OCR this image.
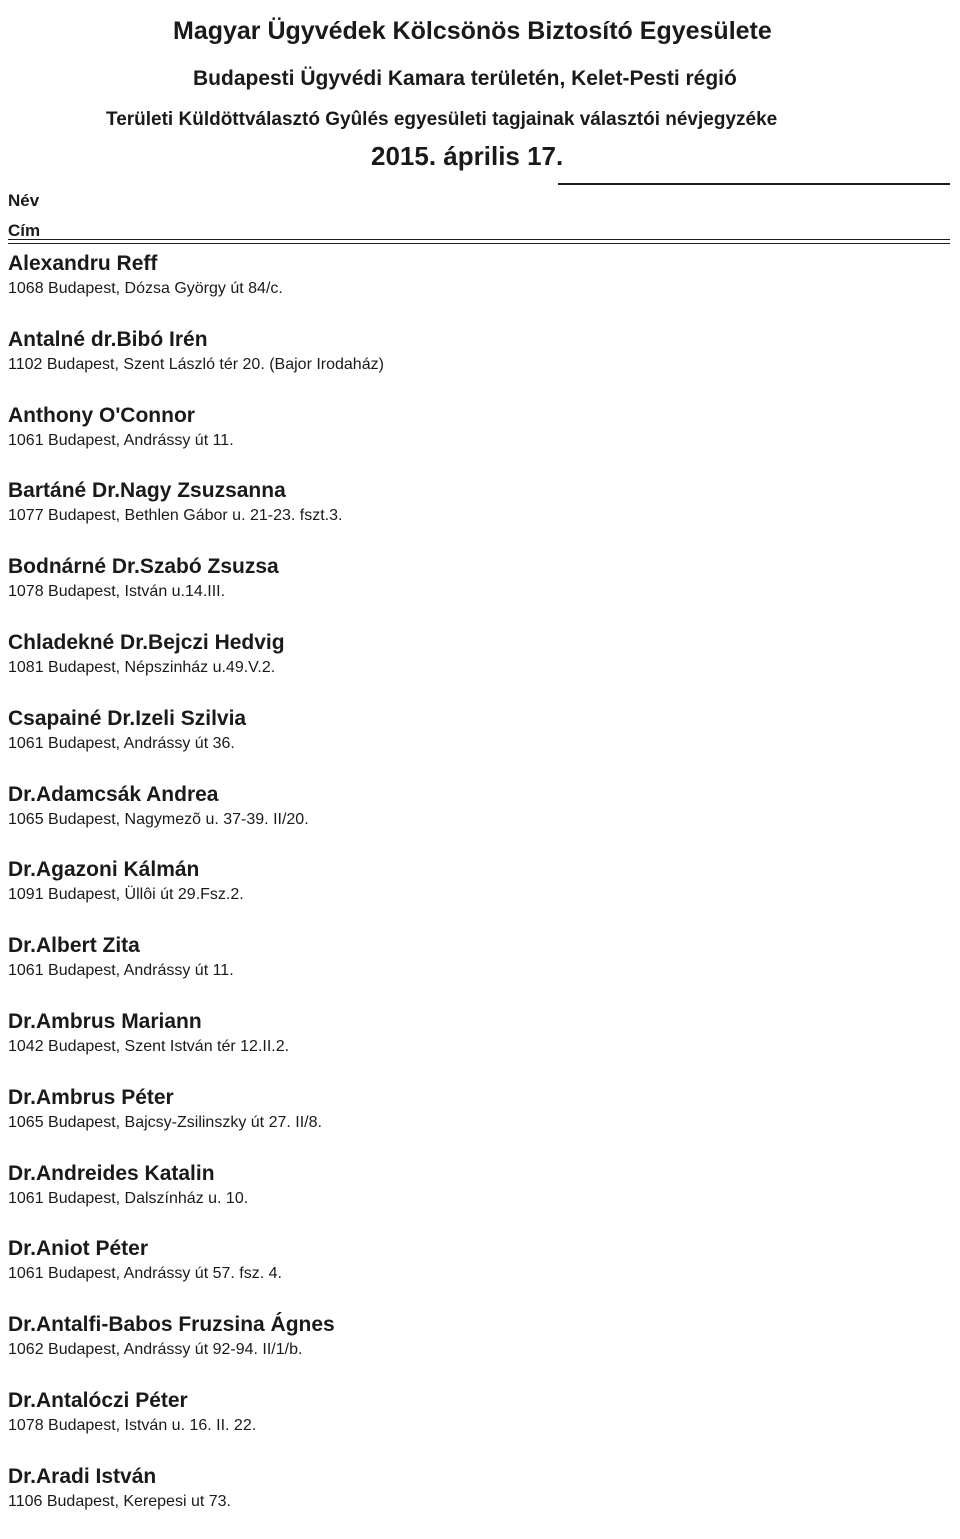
Magyar Ügyvédek Kölcsönös Biztosító Egyesülete
Budapesti Ügyvédi Kamara területén, Kelet-Pesti régió
Területi Küldöttválasztó Gyûlés egyesületi tagjainak választói névjegyzéke
2015. április 17.
Név
Cím
Alexandru Reff
1068 Budapest, Dózsa György út 84/c.
Antalné dr.Bibó Irén
1102 Budapest, Szent László tér 20. (Bajor Irodaház)
Anthony O'Connor
1061 Budapest, Andrássy út 11.
Bartáné Dr.Nagy Zsuzsanna
1077 Budapest, Bethlen Gábor u. 21-23. fszt.3.
Bodnárné Dr.Szabó Zsuzsa
1078 Budapest, István u.14.III.
Chladekné Dr.Bejczi Hedvig
1081 Budapest, Népszinház u.49.V.2.
Csapainé Dr.Izeli Szilvia
1061 Budapest, Andrássy út 36.
Dr.Adamcsák Andrea
1065 Budapest, Nagymezõ u. 37-39. II/20.
Dr.Agazoni Kálmán
1091 Budapest, Üllôi út 29.Fsz.2.
Dr.Albert Zita
1061 Budapest, Andrássy út 11.
Dr.Ambrus Mariann
1042 Budapest, Szent István tér 12.II.2.
Dr.Ambrus Péter
1065 Budapest, Bajcsy-Zsilinszky út 27. II/8.
Dr.Andreides Katalin
1061 Budapest, Dalszínház u. 10.
Dr.Aniot Péter
1061 Budapest, Andrássy út 57. fsz. 4.
Dr.Antalfi-Babos Fruzsina Ágnes
1062 Budapest, Andrássy út 92-94. II/1/b.
Dr.Antalóczi Péter
1078 Budapest, István u. 16. II. 22.
Dr.Aradi István
1106 Budapest, Kerepesi ut 73.
